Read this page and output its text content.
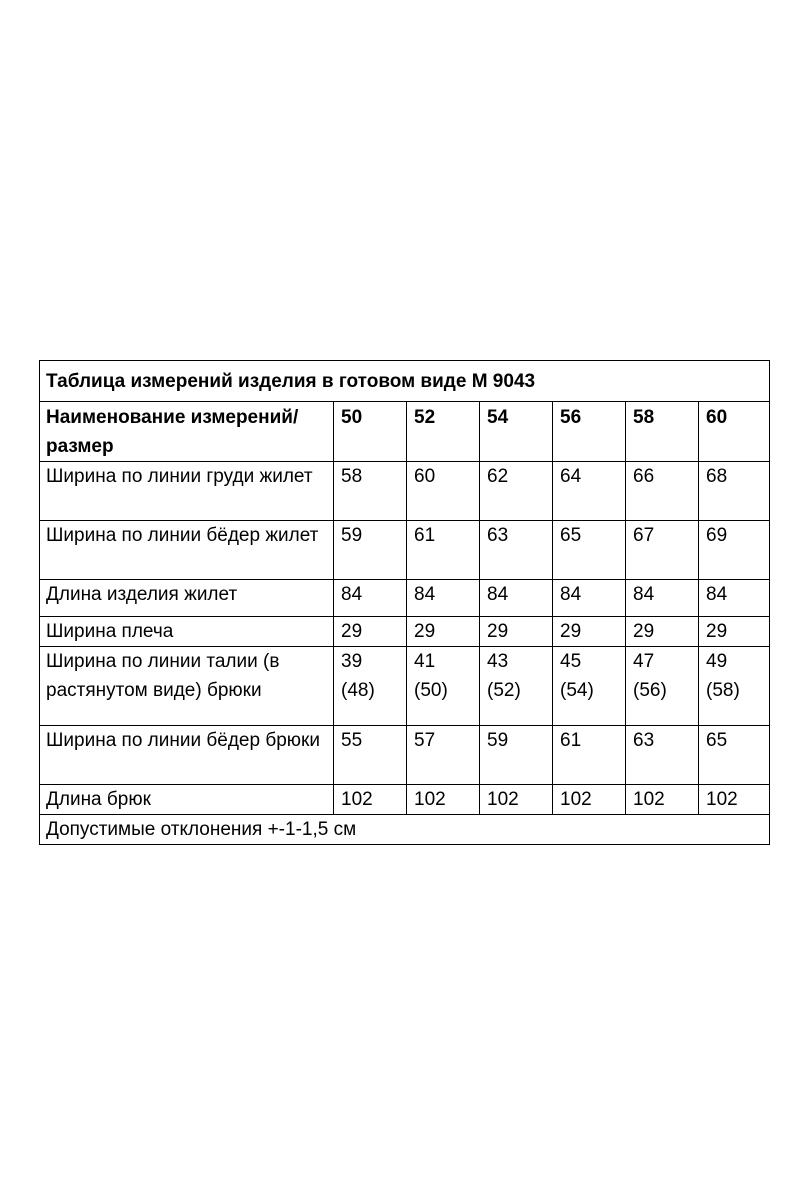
Таблица измерений изделия в готовом виде М 9043						
Наименование измерений/размер	50	52	54	56	58	60
Ширина по линии груди жилет	58	60	62	64	66	68
Ширина по линии бёдер жилет	59	61	63	65	67	69
Длина изделия жилет	84	84	84	84	84	84
Ширина плеча	29	29	29	29	29	29
Ширина по линии талии (в растянутом виде) брюки	39 (48)	41 (50)	43 (52)	45 (54)	47 (56)	49 (58)
Ширина по линии бёдер брюки	55	57	59	61	63	65
Длина брюк	102	102	102	102	102	102
Допустимые отклонения +-1-1,5 см						
